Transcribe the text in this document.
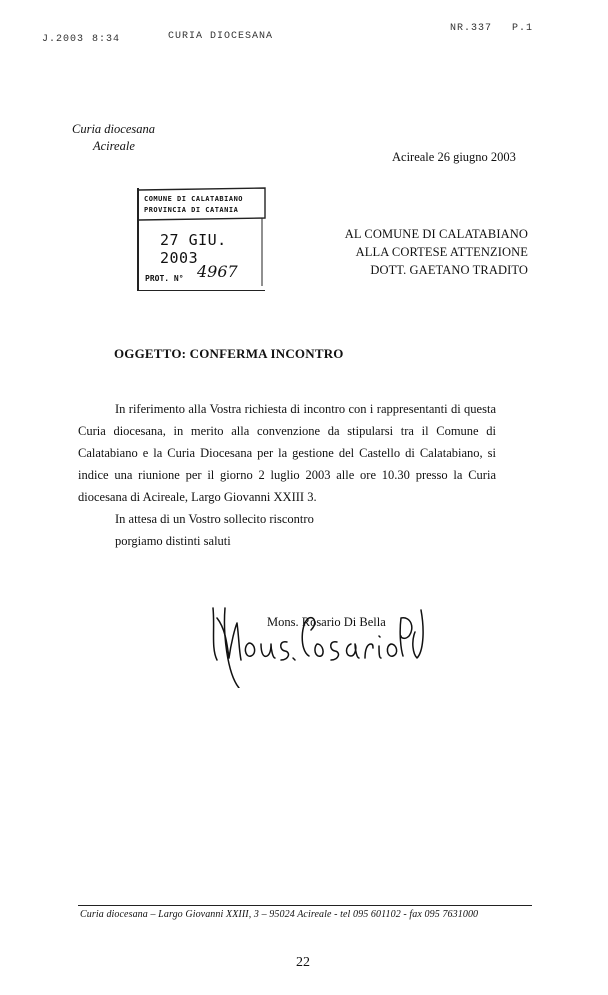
J.2003 8:34	CURIA DIOCESANA
NR.337 P.1
Curia diocesana
Acireale
Acireale 26 giugno 2003
COMUNE DI CALATABIANO
PROVINCIA DI CATANIA
27 GIU. 2003
PROT. N° 4967
AL COMUNE DI CALATABIANO
ALLA CORTESE ATTENZIONE
DOTT. GAETANO TRADITO
OGGETTO: CONFERMA INCONTRO
In riferimento alla Vostra richiesta di incontro con i rappresentanti di questa Curia diocesana, in merito alla convenzione da stipularsi tra il Comune di Calatabiano e la Curia Diocesana per la gestione del Castello di Calatabiano, si indice una riunione per il giorno 2 luglio 2003 alle ore 10.30 presso la Curia diocesana di Acireale, Largo Giovanni XXIII 3.
In attesa di un Vostro sollecito riscontro
porgiamo distinti saluti
Mons. Rosario Di Bella
Curia diocesana – Largo Giovanni XXIII, 3 – 95024 Acireale - tel 095 601102 - fax 095 7631000
22
